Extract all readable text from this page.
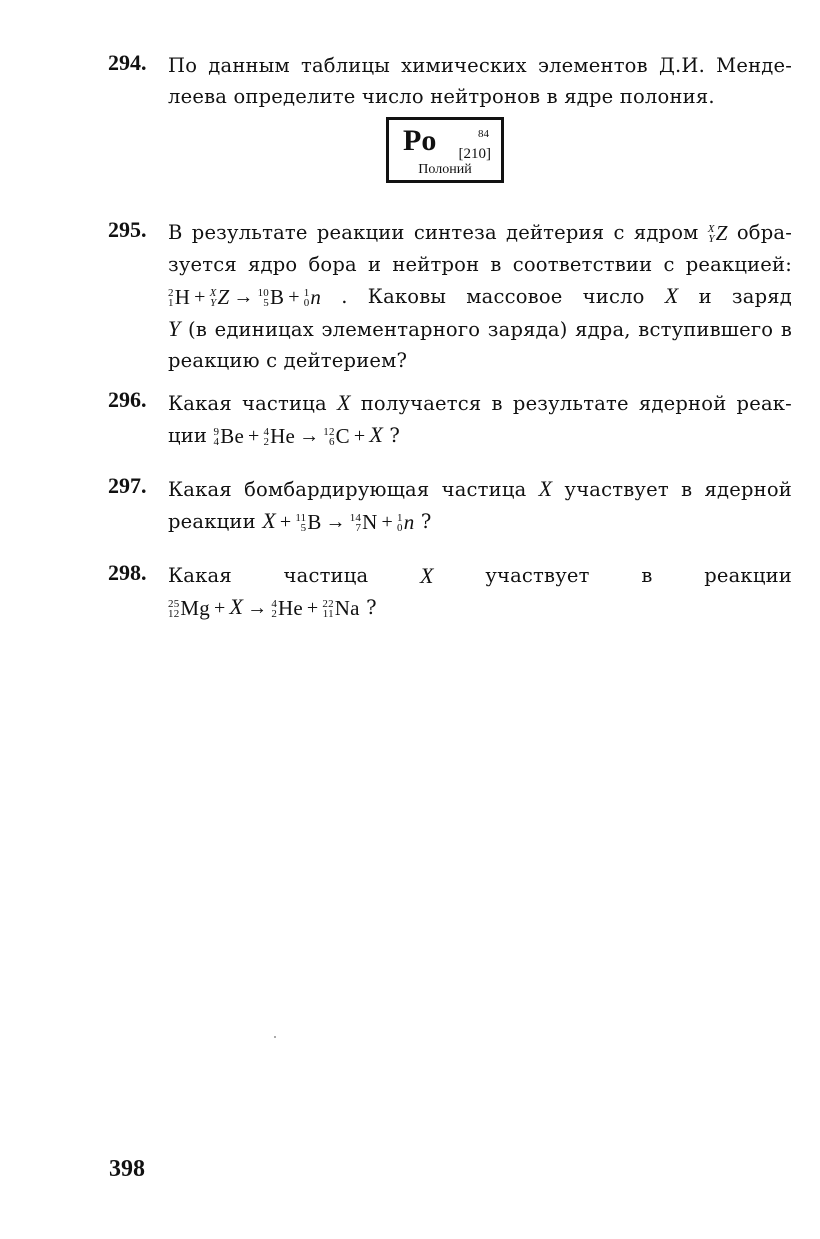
294. По данным таблицы химических элементов Д.И. Менде-
леева определите число нейтронов в ядре полония.
Po	84
[210]
Полоний
295. В результате реакции синтеза дейтерия с ядром X
Y Z обра-
зуется ядро бора и нейтрон в соответствии с реакцией:
2
1 H + X
Y Z → 10
5 B + 1
0 n . Каковы массовое число X и заряд
Y (в единицах элементарного заряда) ядра, вступившего в
реакцию с дейтерием?
296. Какая частица X получается в результате ядерной реак-
ции 9
4 Be + 4
2 He → 12
6 C + X ?
297. Какая бомбардирующая частица X участвует в ядерной
реакции X + 11
5 B → 14
7 N + 1
0 n ?
298. Какая	частица X	участвует	в	реакции
25
12 Mg + X → 4
2 He + 22
11 Na ?
398
